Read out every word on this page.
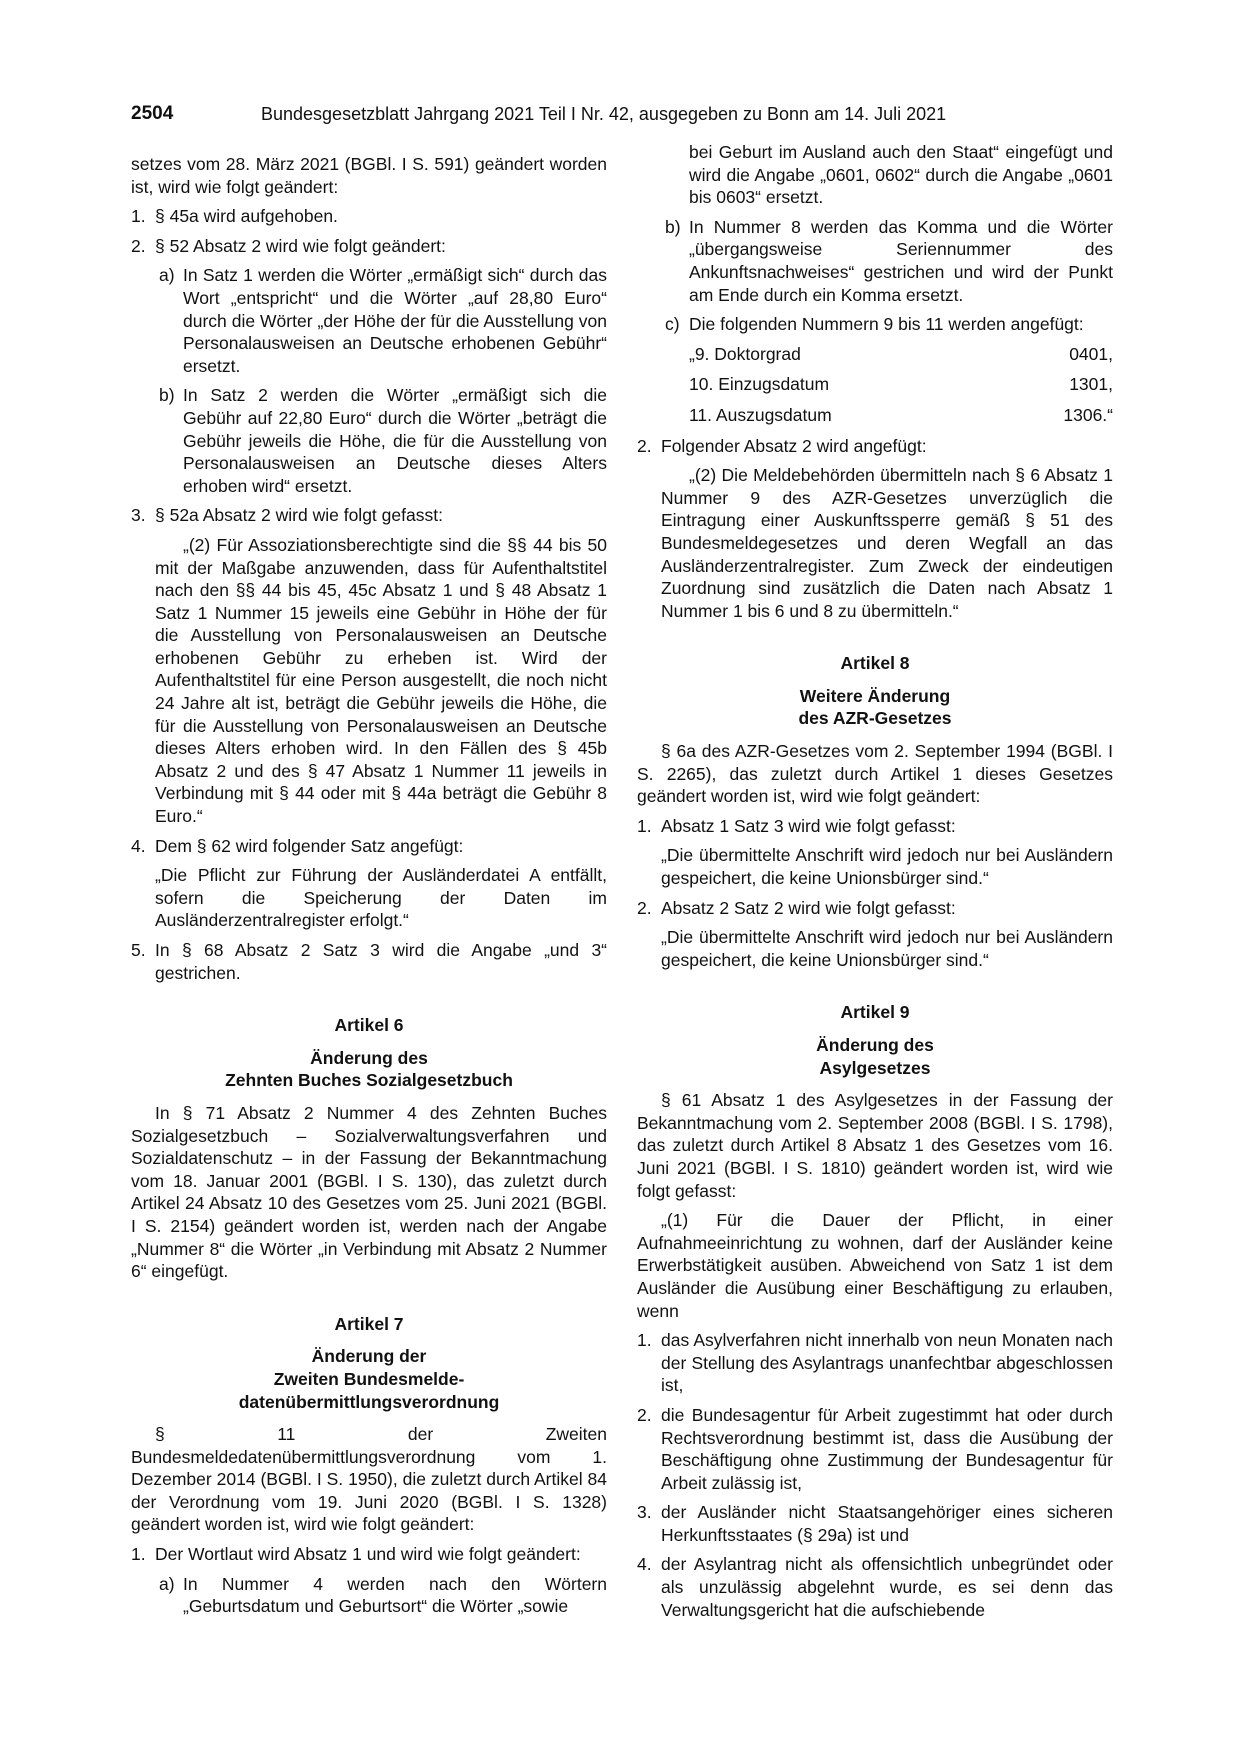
2504	Bundesgesetzblatt Jahrgang 2021 Teil I Nr. 42, ausgegeben zu Bonn am 14. Juli 2021

setzes vom 28. März 2021 (BGBl. I S. 591) geändert worden ist, wird wie folgt geändert:

1. § 45a wird aufgehoben.
2. § 52 Absatz 2 wird wie folgt geändert:
a) In Satz 1 werden die Wörter „ermäßigt sich“ durch das Wort „entspricht“ und die Wörter „auf 28,80 Euro“ durch die Wörter „der Höhe der für die Ausstellung von Personalausweisen an Deutsche erhobenen Gebühr“ ersetzt.
b) In Satz 2 werden die Wörter „ermäßigt sich die Gebühr auf 22,80 Euro“ durch die Wörter „beträgt die Gebühr jeweils die Höhe, die für die Ausstellung von Personalausweisen an Deutsche dieses Alters erhoben wird“ ersetzt.
3. § 52a Absatz 2 wird wie folgt gefasst:

„(2) Für Assoziationsberechtigte sind die §§ 44 bis 50 mit der Maßgabe anzuwenden, dass für Aufenthaltstitel nach den §§ 44 bis 45, 45c Absatz 1 und § 48 Absatz 1 Satz 1 Nummer 15 jeweils eine Gebühr in Höhe der für die Ausstellung von Personalausweisen an Deutsche erhobenen Gebühr zu erheben ist. Wird der Aufenthaltstitel für eine Person ausgestellt, die noch nicht 24 Jahre alt ist, beträgt die Gebühr jeweils die Höhe, die für die Ausstellung von Personalausweisen an Deutsche dieses Alters erhoben wird. In den Fällen des § 45b Absatz 2 und des § 47 Absatz 1 Nummer 11 jeweils in Verbindung mit § 44 oder mit § 44a beträgt die Gebühr 8 Euro.“

4. Dem § 62 wird folgender Satz angefügt:

„Die Pflicht zur Führung der Ausländerdatei A entfällt, sofern die Speicherung der Daten im Ausländerzentralregister erfolgt.“

5. In § 68 Absatz 2 Satz 3 wird die Angabe „und 3“ gestrichen.
Artikel 6
Änderung des
Zehnten Buches Sozialgesetzbuch

In § 71 Absatz 2 Nummer 4 des Zehnten Buches Sozialgesetzbuch – Sozialverwaltungsverfahren und Sozialdatenschutz – in der Fassung der Bekanntmachung vom 18. Januar 2001 (BGBl. I S. 130), das zuletzt durch Artikel 24 Absatz 10 des Gesetzes vom 25. Juni 2021 (BGBl. I S. 2154) geändert worden ist, werden nach der Angabe „Nummer 8“ die Wörter „in Verbindung mit Absatz 2 Nummer 6“ eingefügt.

Artikel 7
Änderung der
Zweiten Bundesmelde-
datenübermittlungsverordnung

§ 11 der Zweiten Bundesmeldedatenübermittlungsverordnung vom 1. Dezember 2014 (BGBl. I S. 1950), die zuletzt durch Artikel 84 der Verordnung vom 19. Juni 2020 (BGBl. I S. 1328) geändert worden ist, wird wie folgt geändert:

1. Der Wortlaut wird Absatz 1 und wird wie folgt geändert:
a) In Nummer 4 werden nach den Wörtern „Geburtsdatum und Geburtsort“ die Wörter „sowie

bei Geburt im Ausland auch den Staat“ eingefügt und wird die Angabe „0601, 0602“ durch die Angabe „0601 bis 0603“ ersetzt.

b) In Nummer 8 werden das Komma und die Wörter „übergangsweise Seriennummer des Ankunftsnachweises“ gestrichen und wird der Punkt am Ende durch ein Komma ersetzt.
c) Die folgenden Nummern 9 bis 11 werden angefügt:
„9. Doktorgrad	0401,
10. Einzugsdatum	1301,
11. Auszugsdatum	1306.“
2. Folgender Absatz 2 wird angefügt:

„(2) Die Meldebehörden übermitteln nach § 6 Absatz 1 Nummer 9 des AZR-Gesetzes unverzüglich die Eintragung einer Auskunftssperre gemäß § 51 des Bundesmeldegesetzes und deren Wegfall an das Ausländerzentralregister. Zum Zweck der eindeutigen Zuordnung sind zusätzlich die Daten nach Absatz 1 Nummer 1 bis 6 und 8 zu übermitteln.“

Artikel 8
Weitere Änderung
des AZR-Gesetzes

§ 6a des AZR-Gesetzes vom 2. September 1994 (BGBl. I S. 2265), das zuletzt durch Artikel 1 dieses Gesetzes geändert worden ist, wird wie folgt geändert:

1. Absatz 1 Satz 3 wird wie folgt gefasst:

„Die übermittelte Anschrift wird jedoch nur bei Ausländern gespeichert, die keine Unionsbürger sind.“

2. Absatz 2 Satz 2 wird wie folgt gefasst:

„Die übermittelte Anschrift wird jedoch nur bei Ausländern gespeichert, die keine Unionsbürger sind.“

Artikel 9
Änderung des
Asylgesetzes

§ 61 Absatz 1 des Asylgesetzes in der Fassung der Bekanntmachung vom 2. September 2008 (BGBl. I S. 1798), das zuletzt durch Artikel 8 Absatz 1 des Gesetzes vom 16. Juni 2021 (BGBl. I S. 1810) geändert worden ist, wird wie folgt gefasst:

„(1) Für die Dauer der Pflicht, in einer Aufnahmeeinrichtung zu wohnen, darf der Ausländer keine Erwerbstätigkeit ausüben. Abweichend von Satz 1 ist dem Ausländer die Ausübung einer Beschäftigung zu erlauben, wenn

1. das Asylverfahren nicht innerhalb von neun Monaten nach der Stellung des Asylantrags unanfechtbar abgeschlossen ist,
2. die Bundesagentur für Arbeit zugestimmt hat oder durch Rechtsverordnung bestimmt ist, dass die Ausübung der Beschäftigung ohne Zustimmung der Bundesagentur für Arbeit zulässig ist,
3. der Ausländer nicht Staatsangehöriger eines sicheren Herkunftsstaates (§ 29a) ist und
4. der Asylantrag nicht als offensichtlich unbegründet oder als unzulässig abgelehnt wurde, es sei denn das Verwaltungsgericht hat die aufschiebende
